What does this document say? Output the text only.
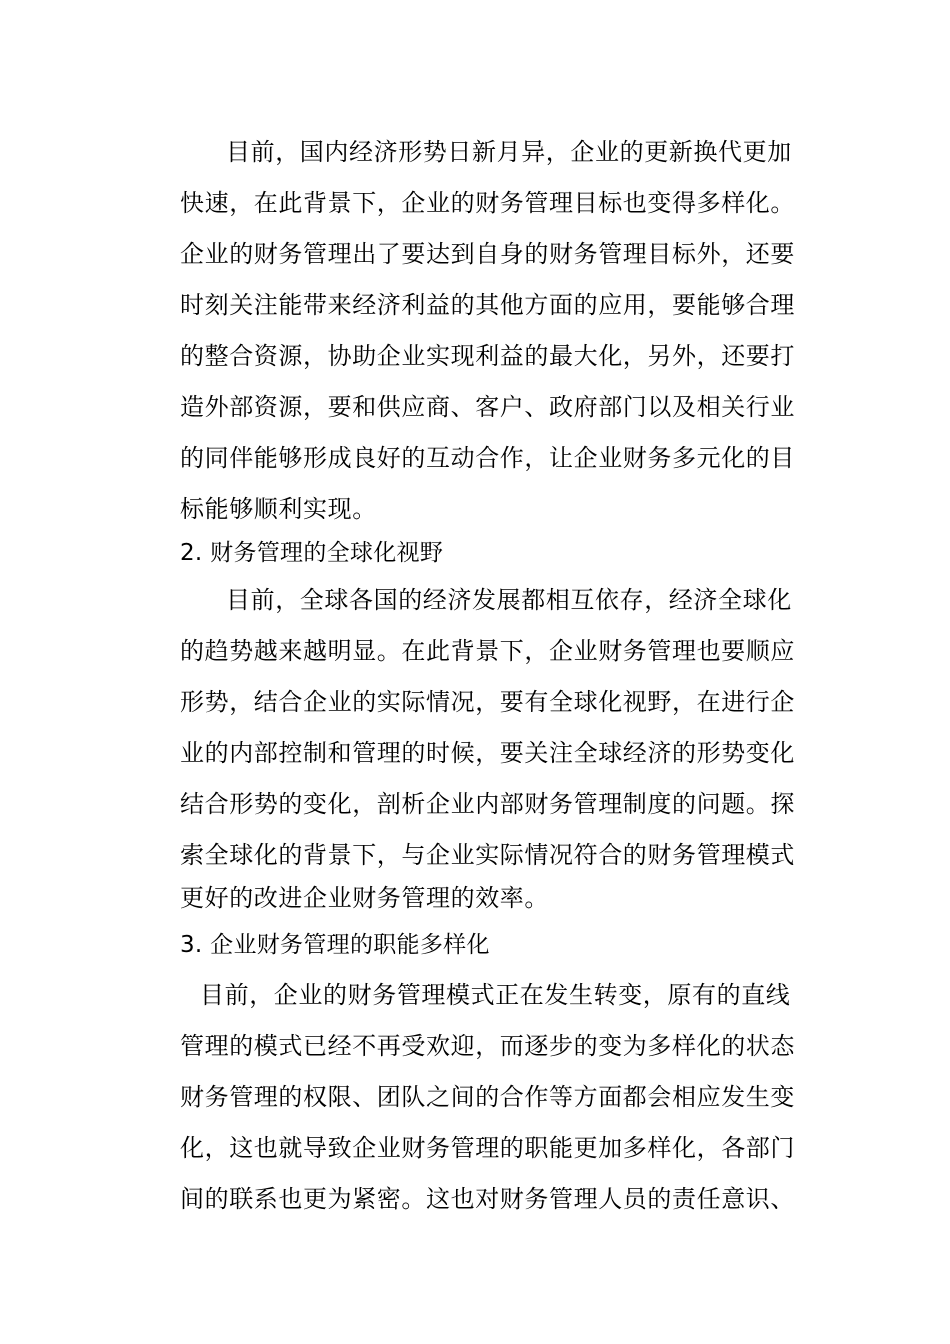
目前，国内经济形势日新月异，企业的更新换代更加
快速，在此背景下，企业的财务管理目标也变得多样化。
企业的财务管理出了要达到自身的财务管理目标外，还要
时刻关注能带来经济利益的其他方面的应用，要能够合理
的整合资源，协助企业实现利益的最大化，另外，还要打
造外部资源，要和供应商、客户、政府部门以及相关行业
的同伴能够形成良好的互动合作，让企业财务多元化的目
标能够顺利实现。
2. 财务管理的全球化视野
目前，全球各国的经济发展都相互依存，经济全球化
的趋势越来越明显。在此背景下，企业财务管理也要顺应
形势，结合企业的实际情况，要有全球化视野，在进行企
业的内部控制和管理的时候，要关注全球经济的形势变化
结合形势的变化，剖析企业内部财务管理制度的问题。探
索全球化的背景下，与企业实际情况符合的财务管理模式
更好的改进企业财务管理的效率。
3. 企业财务管理的职能多样化
目前，企业的财务管理模式正在发生转变，原有的直线
管理的模式已经不再受欢迎，而逐步的变为多样化的状态
财务管理的权限、团队之间的合作等方面都会相应发生变
化，这也就导致企业财务管理的职能更加多样化，各部门
间的联系也更为紧密。这也对财务管理人员的责任意识、
